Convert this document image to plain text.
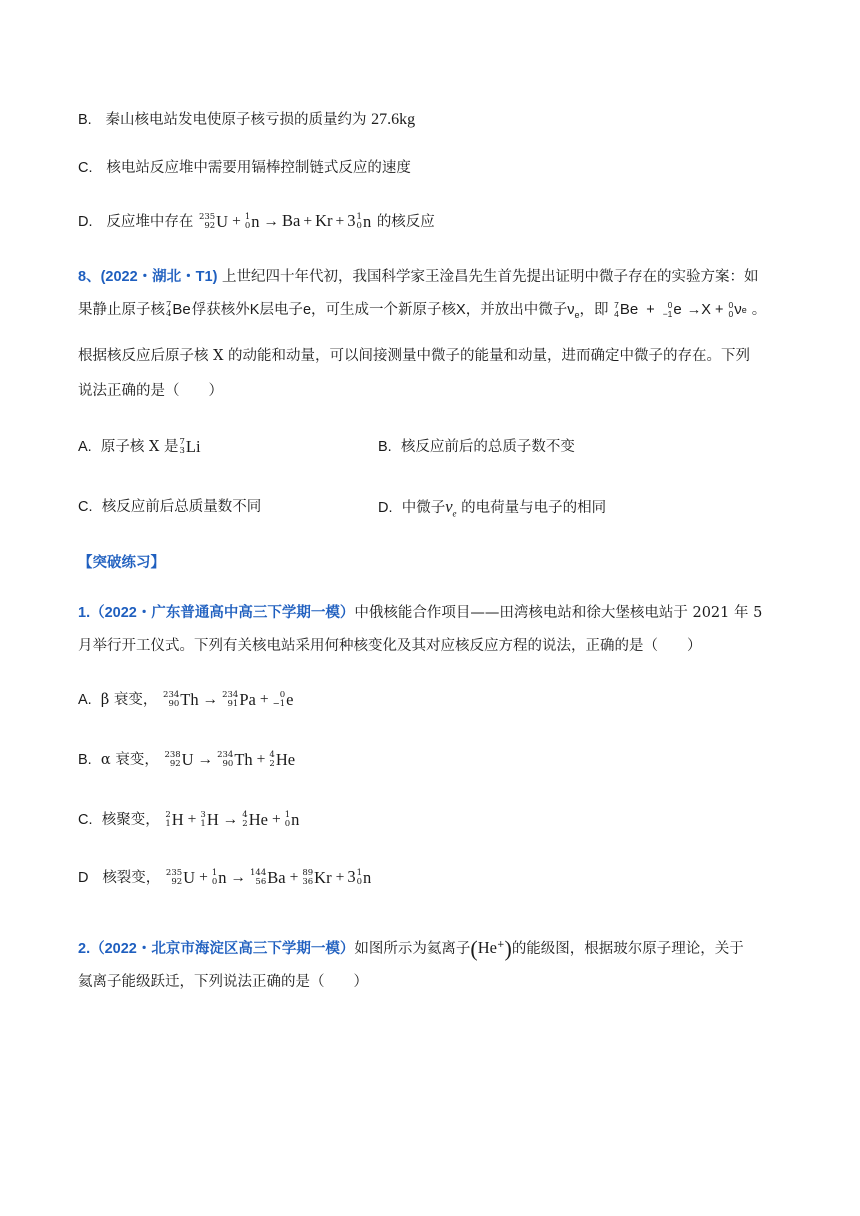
B. 秦山核电站发电使原子核亏损的质量约为 27.6kg
C. 核电站反应堆中需要用镉棒控制链式反应的速度
D. 反应堆中存在 235
92 U + 1
0 n → Ba + Kr + 3 1
0 n 的核反应
8、(2022・湖北・T1) 上世纪四十年代初，我国科学家王淦昌先生首先提出证明中微子存在的实验方案：如
果静止原子核 7
4 Be 俘获核外K层电子e，可生成一个新原子核X，并放出中微子$\nu_e$，即 7
4 Be + 0
−1 e →X + 0
0 ν e 。
根据核反应后原子核 X 的动能和动量，可以间接测量中微子的能量和动量，进而确定中微子的存在。下列
说法正确的是（　　）
A. 原子核 X 是 7
3 Li	B. 核反应前后的总质子数不变
C. 核反应前后总质量数不同	D. 中微子$\nu_e$ 的电荷量与电子的相同
【突破练习】
1.（2022・广东普通高中高三下学期一模）中俄核能合作项目——田湾核电站和徐大堡核电站于 2021 年 5
月举行开工仪式。下列有关核电站采用何种核变化及其对应核反应方程的说法，正确的是（　　）
A. β 衰变， 234
90 Th → 234
91 Pa + 0
−1 e
B. α 衰变， 238
92 U → 234
90 Th + 4
2 He
C. 核聚变， 2
1 H + 3
1 H → 4
2 He + 1
0 n
D 核裂变， 235
92 U + 1
0 n → 144
56 Ba + 89
36 Kr + 3 1
0 n
2.（2022・北京市海淀区高三下学期一模）如图所示为氦离子(He+)的能级图，根据玻尔原子理论，关于
氦离子能级跃迁，下列说法正确的是（　　）
